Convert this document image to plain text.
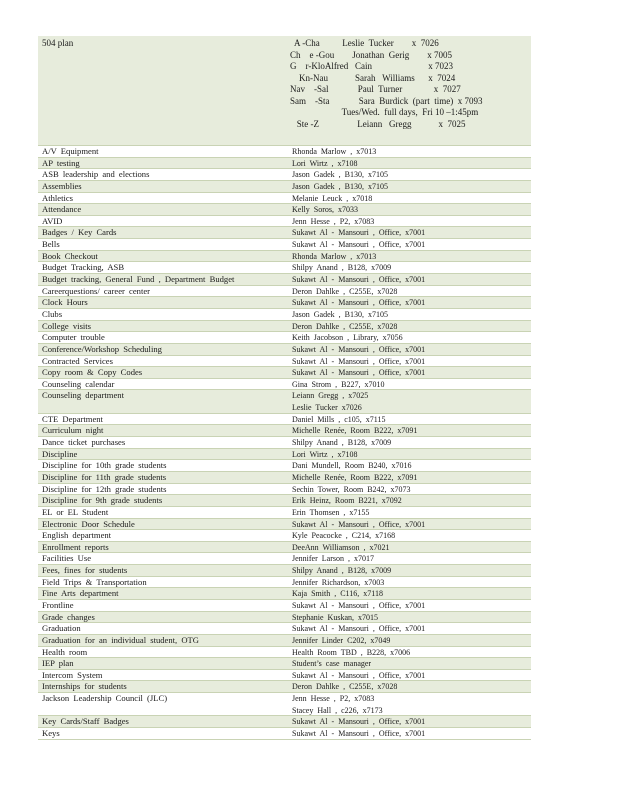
504 plan	A -Cha          Leslie  Tucker        x  7026
Ch    e -Gou        Jonathan  Gerig        x 7005
G    r-KloAlfred   Cain                         x 7023
Kn-Nau            Sarah   Williams      x  7024
Nav    -Sal             Paul  Turner              x  7027
Sam    -Sta             Sara  Burdick  (part  time)  x 7093
Tues/Wed.  full days,  Fri 10 –1:45pm
Ste -Z                 Leiann   Gregg            x  7025
A/V Equipment	Rhonda Marlow , x7013
AP testing	Lori Wirtz , x7108
ASB leadership and elections	Jason Gadek , B130, x7105
Assemblies	Jason Gadek , B130, x7105
Athletics	Melanie Leuck , x7018
Attendance	Kelly Soros, x7033
AVID	Jenn Hesse , P2, x7083
Badges / Key Cards	Sukawt Al - Mansouri , Office, x7001
Bells	Sukawt Al - Mansouri , Office, x7001
Book Checkout	Rhonda Marlow , x7013
Budget Tracking, ASB	Shilpy Anand , B128, x7009
Budget tracking, General Fund , Department Budget	Sukawt Al - Mansouri , Office, x7001
Careerquestions/ career center	Deron Dahlke , C255E, x7028
Clock Hours	Sukawt Al - Mansouri , Office, x7001
Clubs	Jason Gadek , B130, x7105
College visits	Deron Dahlke , C255E, x7028
Computer trouble	Keith Jacobson , Library, x7056
Conference/Workshop Scheduling	Sukawt Al - Mansouri , Office, x7001
Contracted Services	Sukawt Al - Mansouri , Office, x7001
Copy room & Copy Codes	Sukawt Al - Mansouri , Office, x7001
Counseling calendar	Gina Strom , B227, x7010
Counseling department	Leiann Gregg , x7025
Leslie Tucker x7026
CTE Department	Daniel Mills , c105, x7115
Curriculum night	Michelle Renée, Room B222, x7091
Dance ticket purchases	Shilpy Anand , B128, x7009
Discipline	Lori Wirtz , x7108
Discipline for 10th grade students	Dani Mundell, Room B240, x7016
Discipline for 11th grade students	Michelle Renée, Room B222, x7091
Discipline for 12th grade students	Sechin Tower, Room B242, x7073
Discipline for 9th grade students	Erik Heinz, Room B221, x7092
EL or EL Student	Erin Thomsen , x7155
Electronic Door Schedule	Sukawt Al - Mansouri , Office, x7001
English department	Kyle Peacocke , C214, x7168
Enrollment reports	DeeAnn Williamson , x7021
Facilities Use	Jennifer Larson , x7017
Fees, fines for students	Shilpy Anand , B128, x7009
Field Trips & Transportation	Jennifer Richardson, x7003
Fine Arts department	Kaja Smith , C116, x7118
Frontline	Sukawt Al - Mansouri , Office, x7001
Grade changes	Stephanie Kuskan, x7015
Graduation	Sukawt Al - Mansouri , Office, x7001
Graduation for an individual student, OTG	Jennifer Linder C202, x7049
Health room	Health Room TBD , B228, x7006
IEP plan	Student’s case manager
Intercom System	Sukawt Al - Mansouri , Office, x7001
Internships for students	Deron Dahlke , C255E, x7028
Jackson Leadership Council (JLC)	Jenn Hesse , P2, x7083
Stacey Hall , c226, x7173
Key Cards/Staff Badges	Sukawt Al - Mansouri , Office, x7001
Keys	Sukawt Al - Mansouri , Office, x7001
